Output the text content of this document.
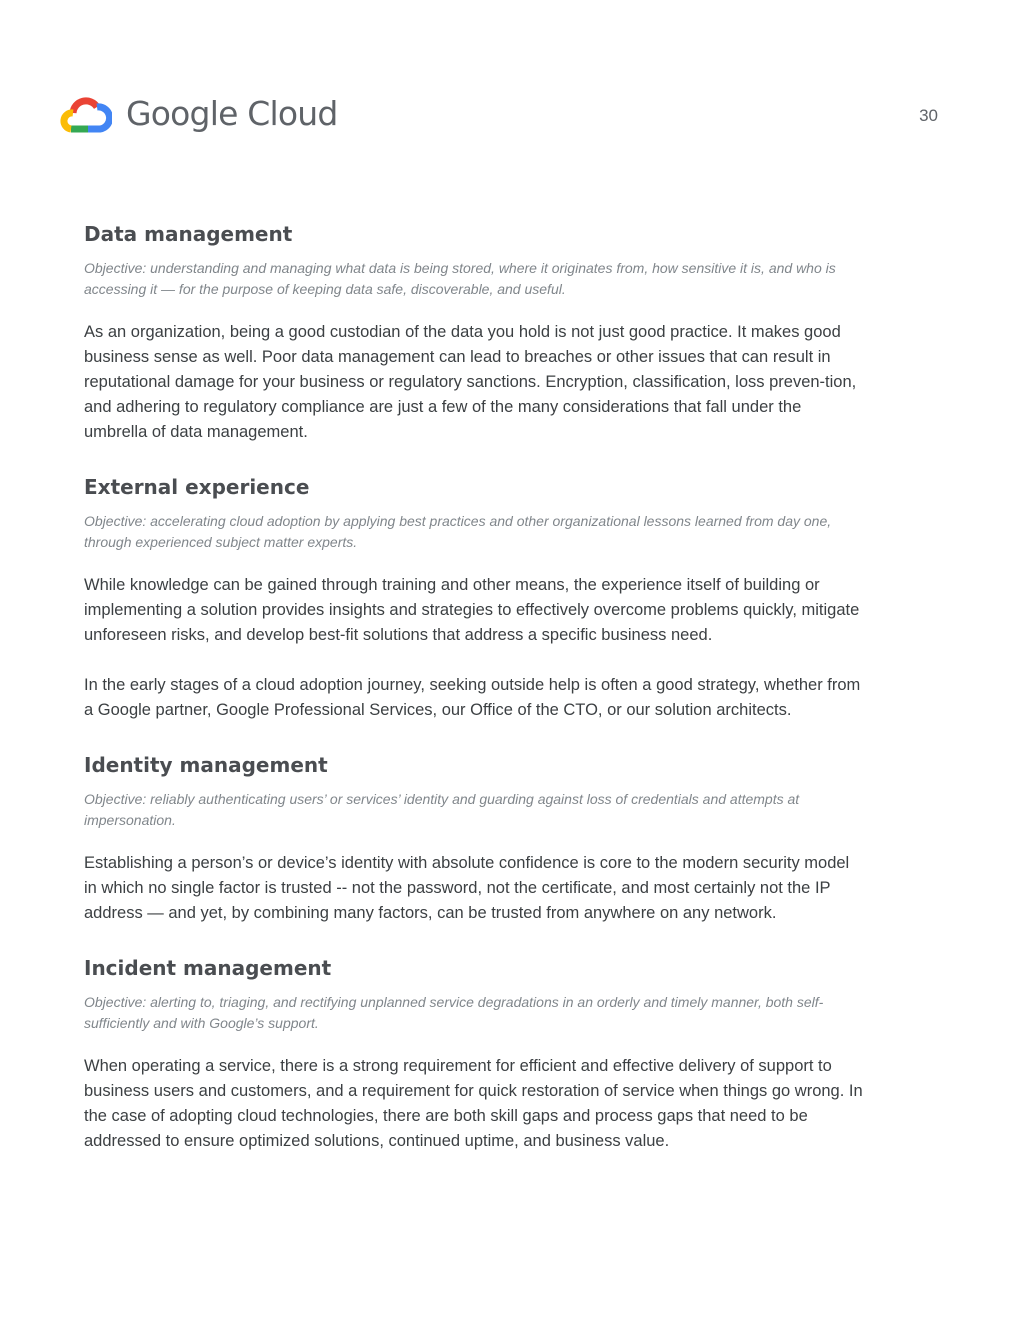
Google Cloud	30
Data management

Objective: understanding and managing what data is being stored, where it originates from, how sensitive it is, and who is accessing it — for the purpose of keeping data safe, discoverable, and useful.

As an organization, being a good custodian of the data you hold is not just good practice. It makes good business sense as well. Poor data management can lead to breaches or other issues that can result in reputational damage for your business or regulatory sanctions. Encryption, classification, loss preven-tion, and adhering to regulatory compliance are just a few of the many considerations that fall under the umbrella of data management.

External experience

Objective: accelerating cloud adoption by applying best practices and other organizational lessons learned from day one, through experienced subject matter experts.

While knowledge can be gained through training and other means, the experience itself of building or implementing a solution provides insights and strategies to effectively overcome problems quickly, mitigate unforeseen risks, and develop best-fit solutions that address a specific business need.

In the early stages of a cloud adoption journey, seeking outside help is often a good strategy, whether from a Google partner, Google Professional Services, our Office of the CTO, or our solution architects.

Identity management

Objective: reliably authenticating users’ or services’ identity and guarding against loss of credentials and attempts at impersonation.

Establishing a person’s or device’s identity with absolute confidence is core to the modern security model in which no single factor is trusted -- not the password, not the certificate, and most certainly not the IP address — and yet, by combining many factors, can be trusted from anywhere on any network.

Incident management

Objective: alerting to, triaging, and rectifying unplanned service degradations in an orderly and timely manner, both self-sufficiently and with Google’s support.

When operating a service, there is a strong requirement for efficient and effective delivery of support to business users and customers, and a requirement for quick restoration of service when things go wrong. In the case of adopting cloud technologies, there are both skill gaps and process gaps that need to be addressed to ensure optimized solutions, continued uptime, and business value.
